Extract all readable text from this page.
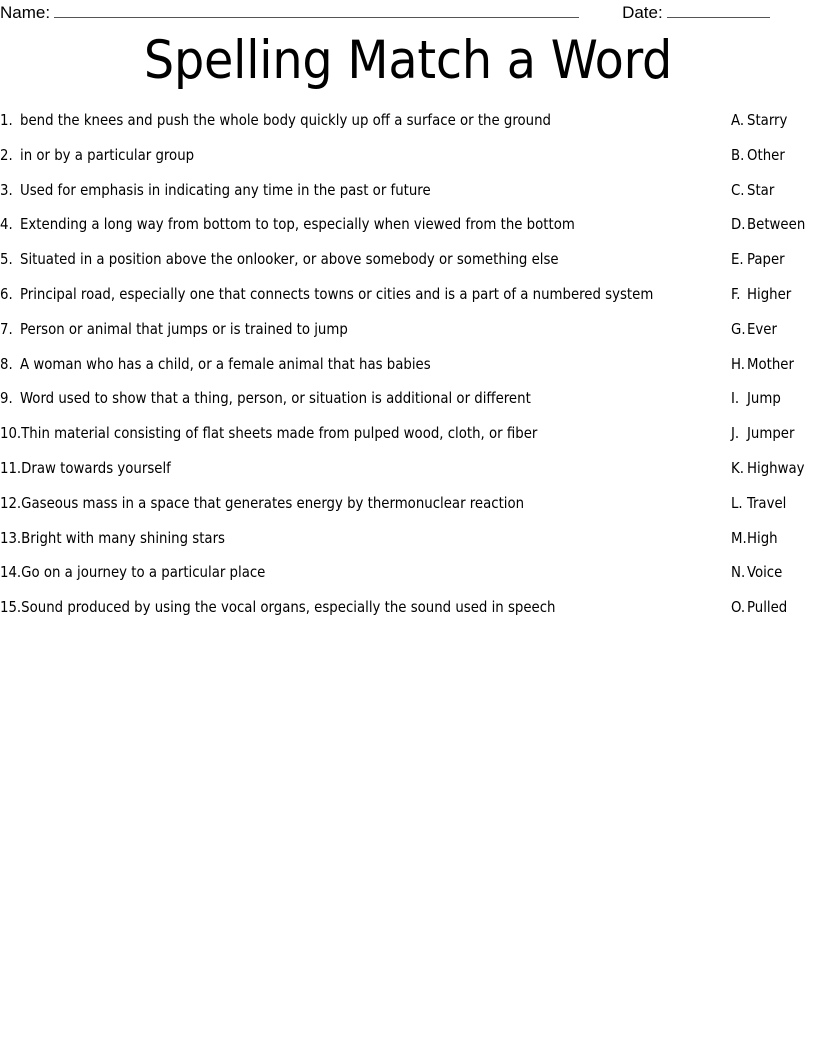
Name:	Date:
Spelling Match a Word
1. bend the knees and push the whole body quickly up off a surface or the ground	A. Starry
2. in or by a particular group	B. Other
3. Used for emphasis in indicating any time in the past or future	C. Star
4. Extending a long way from bottom to top, especially when viewed from the bottom	D. Between
5. Situated in a position above the onlooker, or above somebody or something else	E. Paper
6. Principal road, especially one that connects towns or cities and is a part of a numbered system	F. Higher
7. Person or animal that jumps or is trained to jump	G. Ever
8. A woman who has a child, or a female animal that has babies	H. Mother
9. Word used to show that a thing, person, or situation is additional or different	I. Jump
10. Thin material consisting of flat sheets made from pulped wood, cloth, or fiber	J. Jumper
11. Draw towards yourself	K. Highway
12. Gaseous mass in a space that generates energy by thermonuclear reaction	L. Travel
13. Bright with many shining stars	M. High
14. Go on a journey to a particular place	N. Voice
15. Sound produced by using the vocal organs, especially the sound used in speech	O. Pulled
